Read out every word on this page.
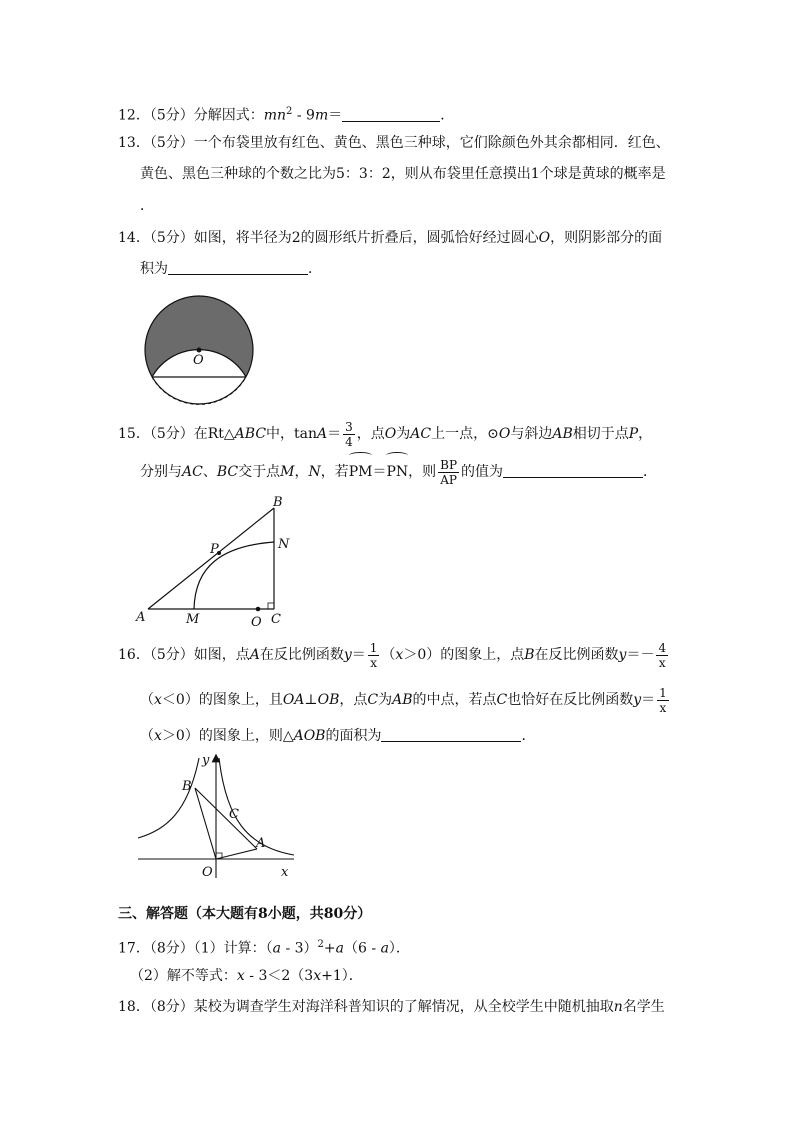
12．（5分）分解因式：$mn^2 - 9m=$	．
13．（5分）一个布袋里放有红色、黄色、黑色三种球，它们除颜色外其余都相同．红色、
黄色、黑色三种球的个数之比为5：3：2，则从布袋里任意摸出1个球是黄球的概率是
．
14．（5分）如图，将半径为2的圆形纸片折叠后，圆弧恰好经过圆心O，则阴影部分的面
积为	．
O
15．（5分）在Rt△ABC中，$\tan A= \frac{3}{4}$ ，点O为AC上一点，⊙O与斜边AB相切于点P，
分别与AC、BC交于点M，N，若PM＝PN，则 $\frac{BP}{AP}$ 的值为	．
B
N
P
A	M	O C
16．（5分）如图，点A在反比例函数$y= \frac{1}{x} (x>0)$的图象上，点B在反比例函数$y=- \frac{4}{x}$
（x＜0）的图象上，且OA⊥OB，点C为AB的中点，若点C也恰好在反比例函数$y= \frac{1}{x}$
（x＞0）的图象上，则△AOB的面积为	．
y
B
C
A
O	x
三、解答题（本大题有8小题，共80分）
17．（8分）（1）计算：（a - 3）$^2$+a（6 - a）．
（2）解不等式：x - 3＜2（3x+1）．
18．（8分）某校为调查学生对海洋科普知识的了解情况，从全校学生中随机抽取n名学生
